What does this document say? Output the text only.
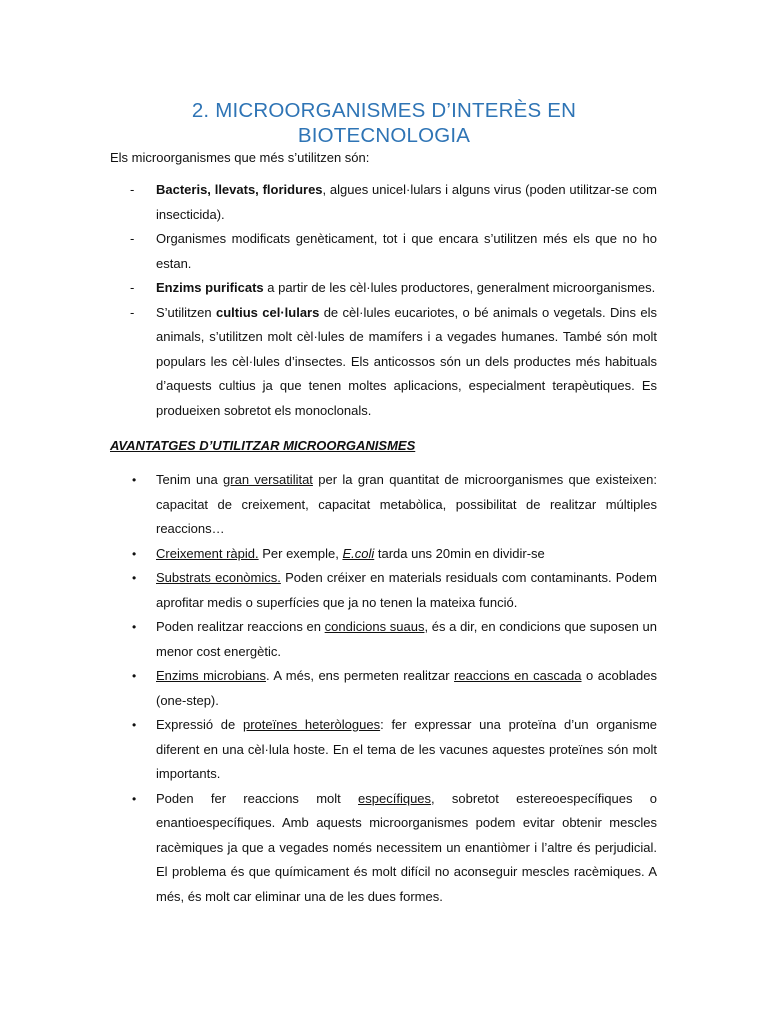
2. MICROORGANISMES D’INTERÈS EN BIOTECNOLOGIA
Els microorganismes que més s’utilitzen són:
-	Bacteris, llevats, floridures, algues unicel·lulars i alguns virus (poden utilitzar-se com insecticida).
-	Organismes modificats genèticament, tot i que encara s’utilitzen més els que no ho estan.
-	Enzims purificats a partir de les cèl·lules productores, generalment microorganismes.
-	S’utilitzen cultius cel·lulars de cèl·lules eucariotes, o bé animals o vegetals. Dins els animals, s’utilitzen molt cèl·lules de mamífers i a vegades humanes. També són molt populars les cèl·lules d’insectes. Els anticossos són un dels productes més habituals d’aquests cultius ja que tenen moltes aplicacions, especialment terapèutiques. Es produeixen sobretot els monoclonals.
AVANTATGES D’UTILITZAR MICROORGANISMES
•	Tenim una gran versatilitat per la gran quantitat de microorganismes que existeixen: capacitat de creixement, capacitat metabòlica, possibilitat de realitzar múltiples reaccions…
•	Creixement ràpid. Per exemple, E.coli tarda uns 20min en dividir-se
•	Substrats econòmics. Poden créixer en materials residuals com contaminants. Podem aprofitar medis o superfícies que ja no tenen la mateixa funció.
•	Poden realitzar reaccions en condicions suaus, és a dir, en condicions que suposen un menor cost energètic.
•	Enzims microbians. A més, ens permeten realitzar reaccions en cascada o acoblades (one-step).
•	Expressió de proteïnes heteròlogues: fer expressar una proteïna d’un organisme diferent en una cèl·lula hoste. En el tema de les vacunes aquestes proteïnes són molt importants.
•	Poden fer reaccions molt específiques, sobretot estereoespecífiques o enantioespecífiques. Amb aquests microorganismes podem evitar obtenir mescles racèmiques ja que a vegades només necessitem un enantiòmer i l’altre és perjudicial. El problema és que químicament és molt difícil no aconseguir mescles racèmiques. A més, és molt car eliminar una de les dues formes.
